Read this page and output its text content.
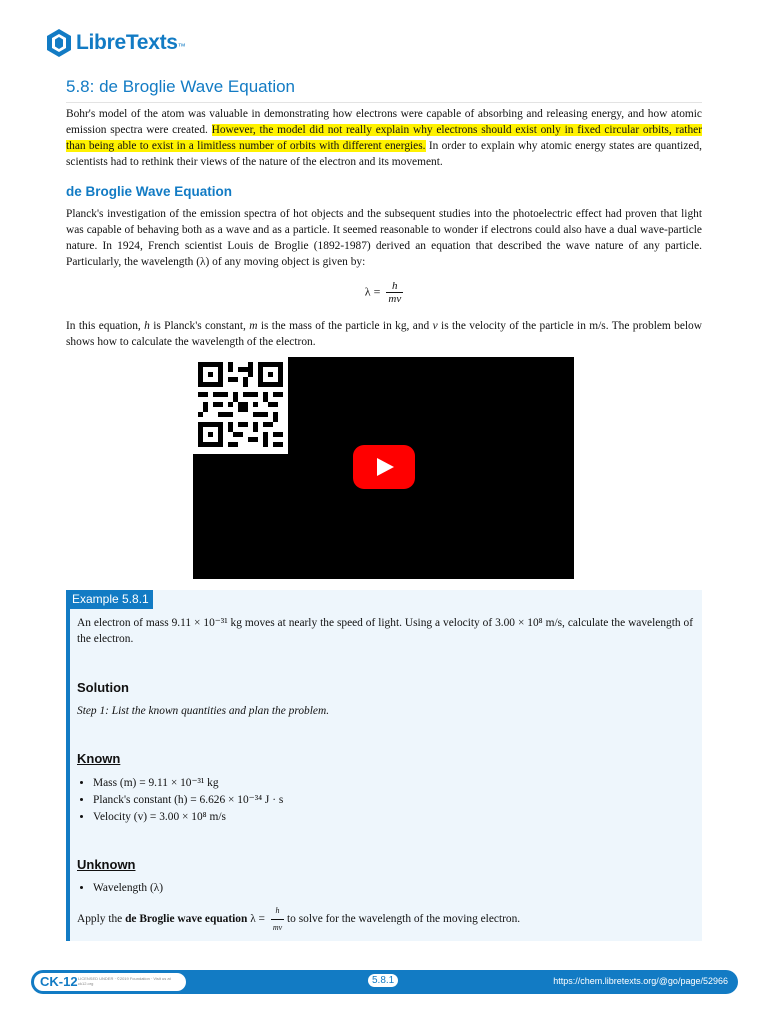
LibreTexts ™
5.8: de Broglie Wave Equation

Bohr's model of the atom was valuable in demonstrating how electrons were capable of absorbing and releasing energy, and how atomic emission spectra were created. However, the model did not really explain why electrons should exist only in fixed circular orbits, rather than being able to exist in a limitless number of orbits with different energies. In order to explain why atomic energy states are quantized, scientists had to rethink their views of the nature of the electron and its movement.

de Broglie Wave Equation

Planck's investigation of the emission spectra of hot objects and the subsequent studies into the photoelectric effect had proven that light was capable of behaving both as a wave and as a particle. It seemed reasonable to wonder if electrons could also have a dual wave-particle nature. In 1924, French scientist Louis de Broglie (1892-1987) derived an equation that described the wave nature of any particle. Particularly, the wavelength (λ) of any moving object is given by:

$\lambda = \frac{h}{mv}$

In this equation, h is Planck's constant, m is the mass of the particle in kg, and v is the velocity of the particle in m/s. The problem below shows how to calculate the wavelength of the electron.

Example 5.8.1

An electron of mass 9.11 × 10⁻³¹ kg moves at nearly the speed of light. Using a velocity of 3.00 × 10⁸ m/s, calculate the wavelength of the electron.

Solution

Step 1: List the known quantities and plan the problem.

Known
• Mass (m) = 9.11 × 10⁻³¹ kg
• Planck's constant (h) = 6.626 × 10⁻³⁴ J · s
• Velocity (v) = 3.00 × 10⁸ m/s
Unknown
• Wavelength (λ)

Apply the de Broglie wave equation $\lambda = \frac{h}{mv}$ to solve for the wavelength of the moving electron.

CK-12 LICENSED UNDER · ©2019 Foundation · Visit us at ck12.org	5.8.1	https://chem.libretexts.org/@go/page/52966
